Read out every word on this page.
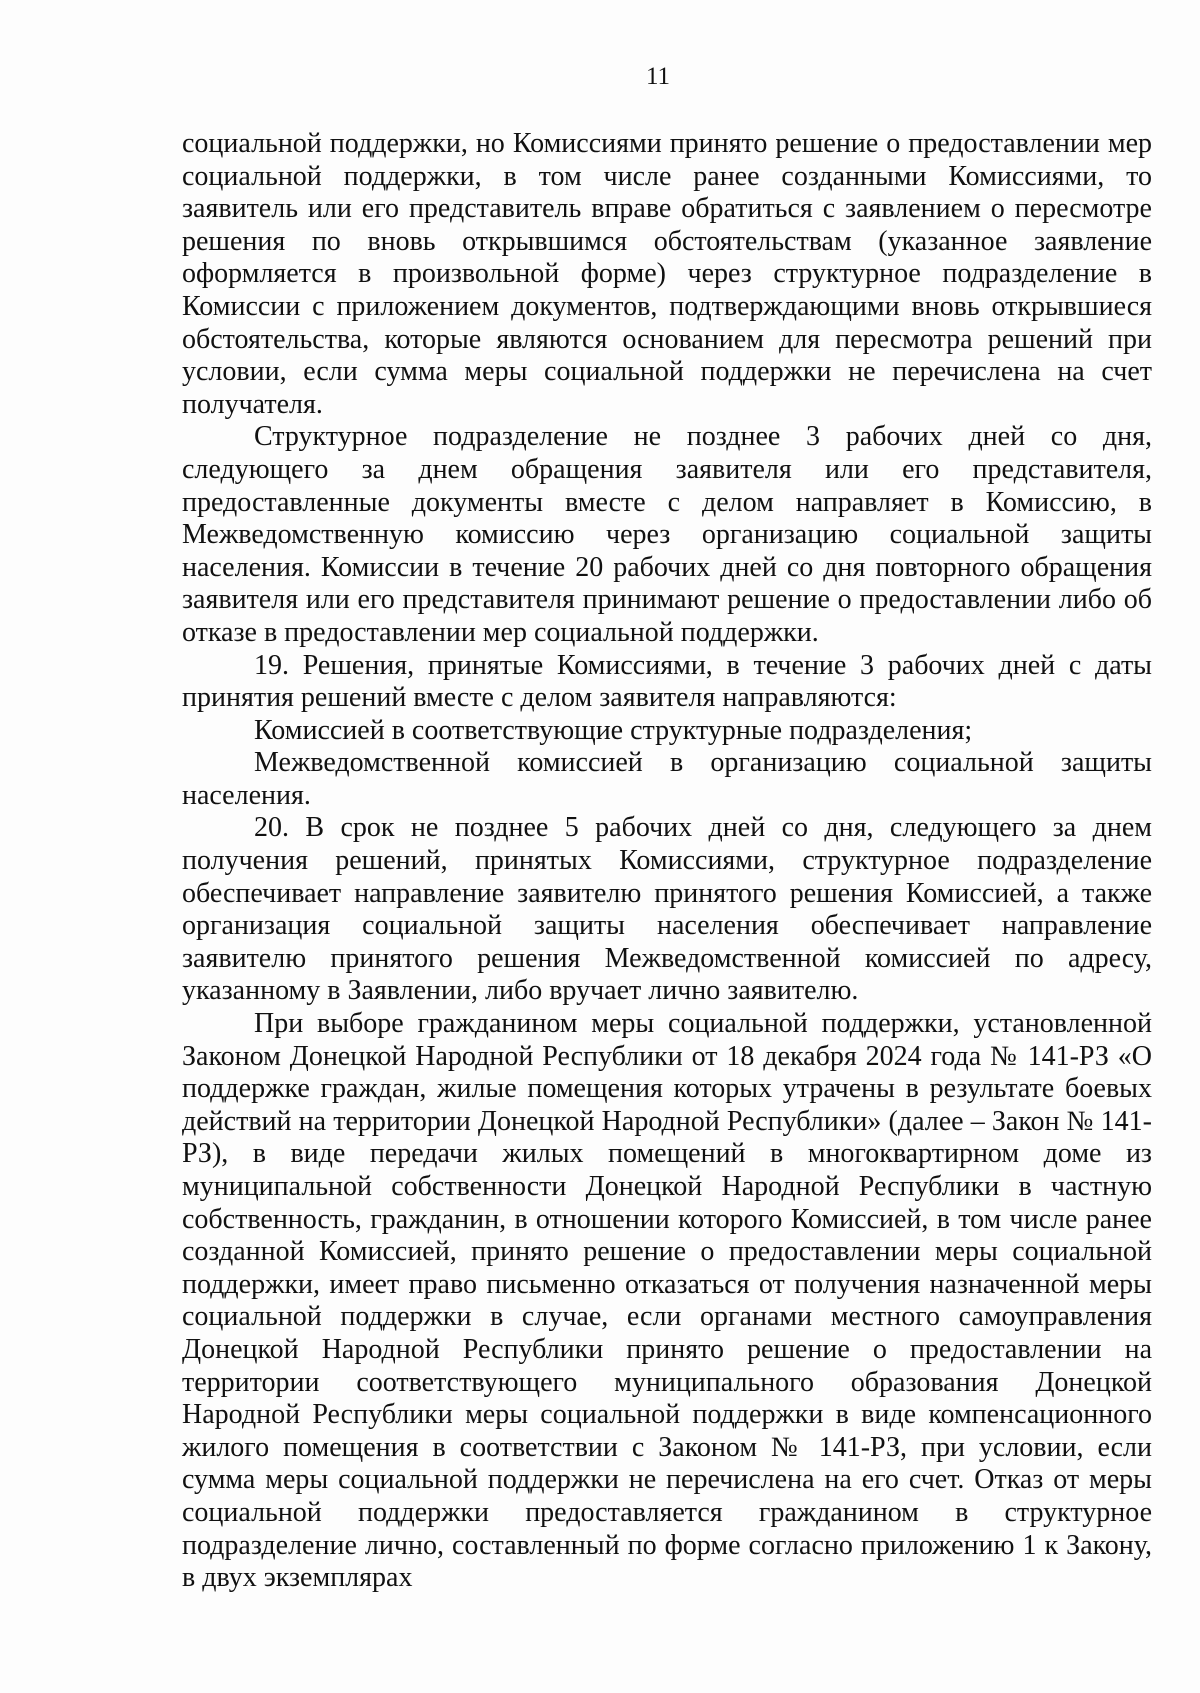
11

социальной поддержки, но Комиссиями принято решение о предоставлении мер социальной поддержки, в том числе ранее созданными Комиссиями, то заявитель или его представитель вправе обратиться с заявлением о пересмотре решения по вновь открывшимся обстоятельствам (указанное заявление оформляется в произвольной форме) через структурное подразделение в Комиссии с приложением документов, подтверждающими вновь открывшиеся обстоятельства, которые являются основанием для пересмотра решений при условии, если сумма меры социальной поддержки не перечислена на счет получателя.

Структурное подразделение не позднее 3 рабочих дней со дня, следующего за днем обращения заявителя или его представителя, предоставленные документы вместе с делом направляет в Комиссию, в Межведомственную комиссию через организацию социальной защиты населения. Комиссии в течение 20 рабочих дней со дня повторного обращения заявителя или его представителя принимают решение о предоставлении либо об отказе в предоставлении мер социальной поддержки.

19. Решения, принятые Комиссиями, в течение 3 рабочих дней с даты принятия решений вместе с делом заявителя направляются:

Комиссией в соответствующие структурные подразделения;

Межведомственной комиссией в организацию социальной защиты населения.

20. В срок не позднее 5 рабочих дней со дня, следующего за днем получения решений, принятых Комиссиями, структурное подразделение обеспечивает направление заявителю принятого решения Комиссией, а также организация социальной защиты населения обеспечивает направление заявителю принятого решения Межведомственной комиссией по адресу, указанному в Заявлении, либо вручает лично заявителю.

При выборе гражданином меры социальной поддержки, установленной Законом Донецкой Народной Республики от 18 декабря 2024 года № 141-РЗ «О поддержке граждан, жилые помещения которых утрачены в результате боевых действий на территории Донецкой Народной Республики» (далее – Закон № 141-РЗ), в виде передачи жилых помещений в многоквартирном доме из муниципальной собственности Донецкой Народной Республики в частную собственность, гражданин, в отношении которого Комиссией, в том числе ранее созданной Комиссией, принято решение о предоставлении меры социальной поддержки, имеет право письменно отказаться от получения назначенной меры социальной поддержки в случае, если органами местного самоуправления Донецкой Народной Республики принято решение о предоставлении на территории соответствующего муниципального образования Донецкой Народной Республики меры социальной поддержки в виде компенсационного жилого помещения в соответствии с Законом № 141-РЗ, при условии, если сумма меры социальной поддержки не перечислена на его счет. Отказ от меры социальной поддержки предоставляется гражданином в структурное подразделение лично, составленный по форме согласно приложению 1 к Закону, в двух экземплярах
